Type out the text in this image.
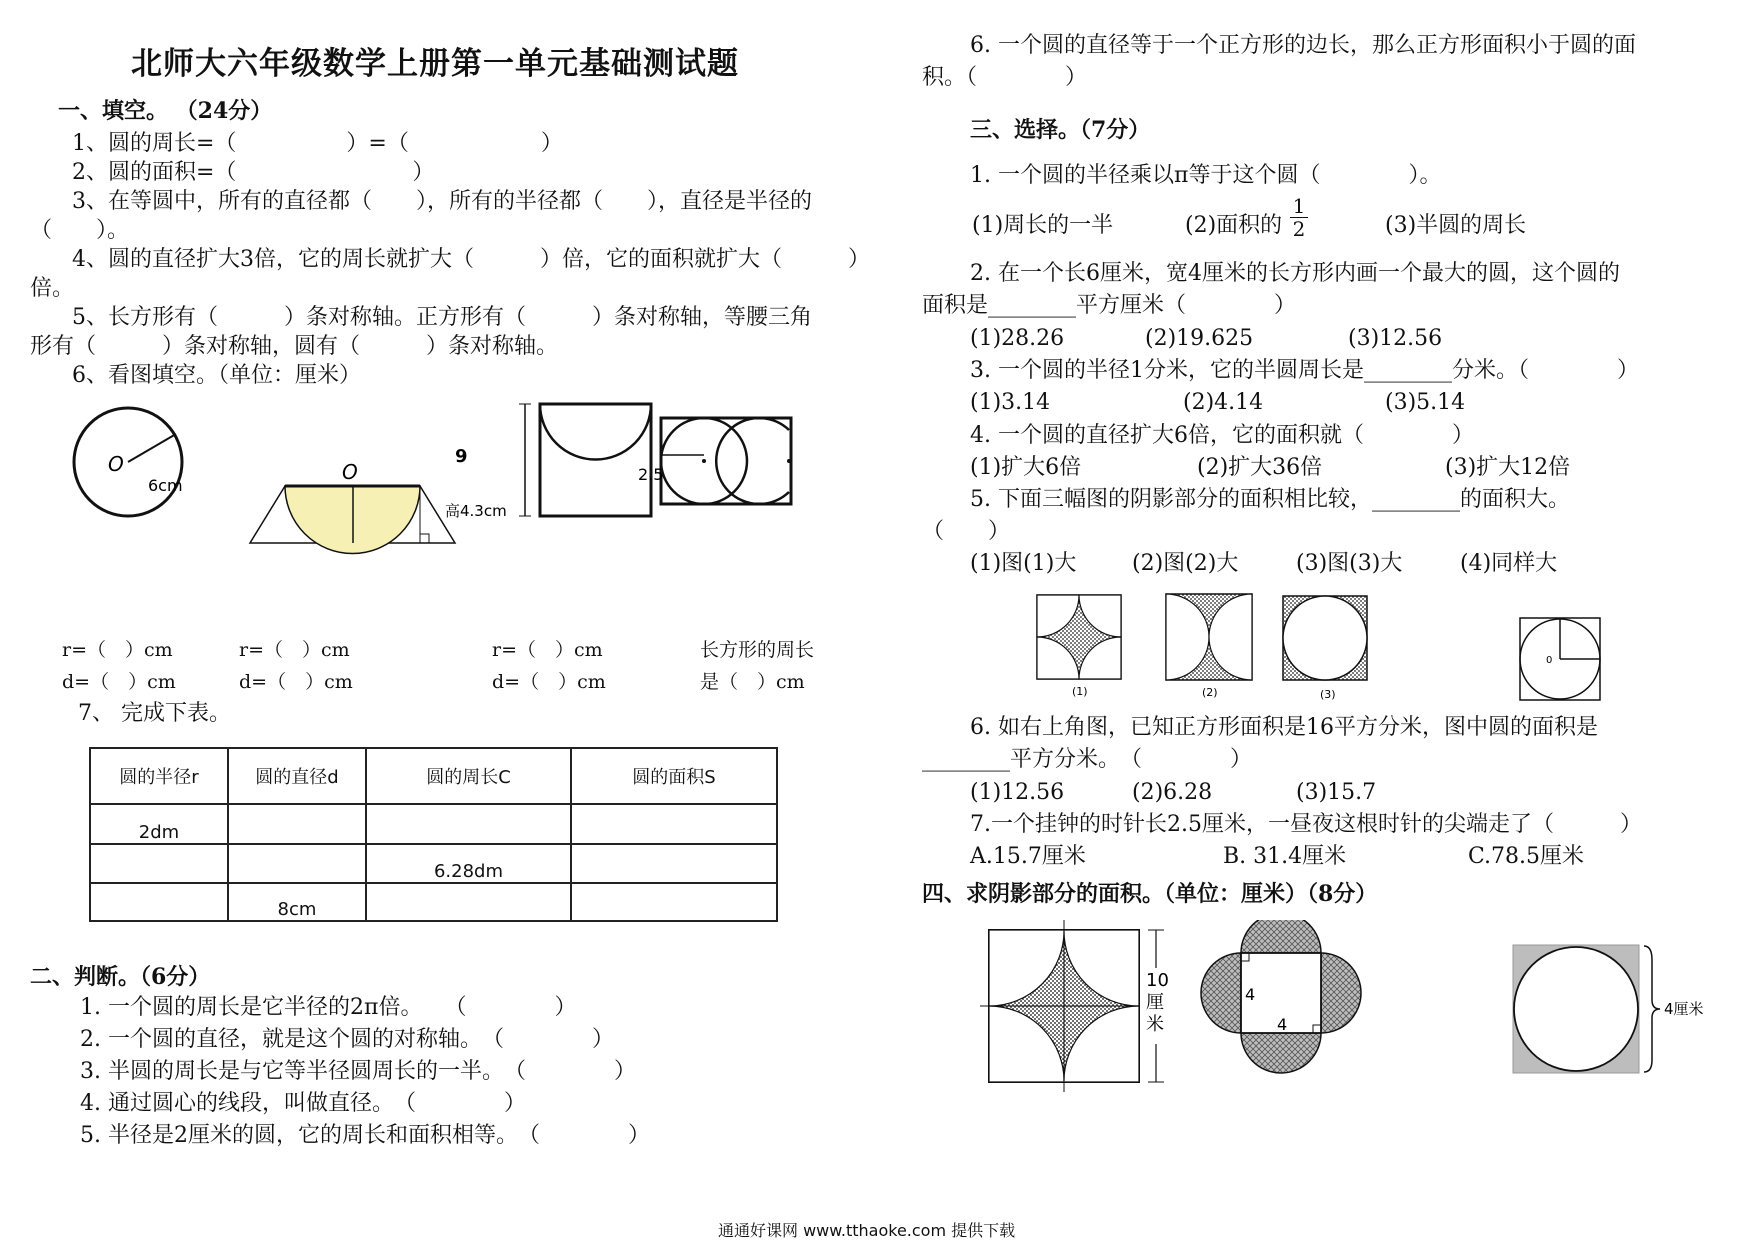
北师大六年级数学上册第一单元基础测试题
一、填空。 （24分）
1、圆的周长=（　　　　　）=（　　　　　　）
2、圆的面积=（　　　　　　　　）
3、在等圆中，所有的直径都（　　），所有的半径都（　　），直径是半径的
（　　）。
4、圆的直径扩大3倍，它的周长就扩大（　　　）倍，它的面积就扩大（　　　）
倍。
5、长方形有（　　　）条对称轴。正方形有（　　　）条对称轴，等腰三角
形有（　　　）条对称轴，圆有（　　　）条对称轴。
6、看图填空。（单位：厘米）
O
6cm
O
高4.3cm
9
2.5
r=（　）cm	r=（　）cm	r=（　）cm	长方形的周长
d=（　）cm	d=（　）cm	d=（　）cm	是（　）cm
7、 完成下表。
圆的半径r	圆的直径d	圆的周长C	圆的面积S
2dm			
		6.28dm	
	8cm		
二、判断。（6分）
1. 一个圆的周长是它半径的2π倍。　　（　　　　）
2. 一个圆的直径，就是这个圆的对称轴。　（　　　　）
3. 半圆的周长是与它等半径圆周长的一半。　（　　　　）
4. 通过圆心的线段，叫做直径。　（　　　　）
5. 半径是2厘米的圆，它的周长和面积相等。　（　　　　）
6. 一个圆的直径等于一个正方形的边长，那么正方形面积小于圆的面
积。（　　　　）
三、选择。（7分）
1. 一个圆的半径乘以π等于这个圆（　　　　）。
(1)周长的一半	(2)面积的 $\frac{1}{2}$	(3)半圆的周长
2. 在一个长6厘米，宽4厘米的长方形内画一个最大的圆，这个圆的
面积是________平方厘米（　　　　）
(1)28.26	(2)19.625	(3)12.56
3. 一个圆的半径1分米，它的半圆周长是________分米。（　　　　）
(1)3.14	(2)4.14	(3)5.14
4. 一个圆的直径扩大6倍，它的面积就（　　　　）
(1)扩大6倍	(2)扩大36倍	(3)扩大12倍
5. 下面三幅图的阴影部分的面积相比较，________的面积大。
（　　）
(1)图(1)大	(2)图(2)大	(3)图(3)大	(4)同样大
(1)	(2)	(3)
0
6. 如右上角图，已知正方形面积是16平方分米，图中圆的面积是
________平方分米。　（　　　　）
(1)12.56	(2)6.28	(3)15.7
7.一个挂钟的时针长2.5厘米，一昼夜这根时针的尖端走了（　　　）
A.15.7厘米	B. 31.4厘米	C.78.5厘米
四、求阴影部分的面积。（单位：厘米）（8分）
10 厘米
4
4
4厘米
通通好课网 www.tthaoke.com 提供下载
